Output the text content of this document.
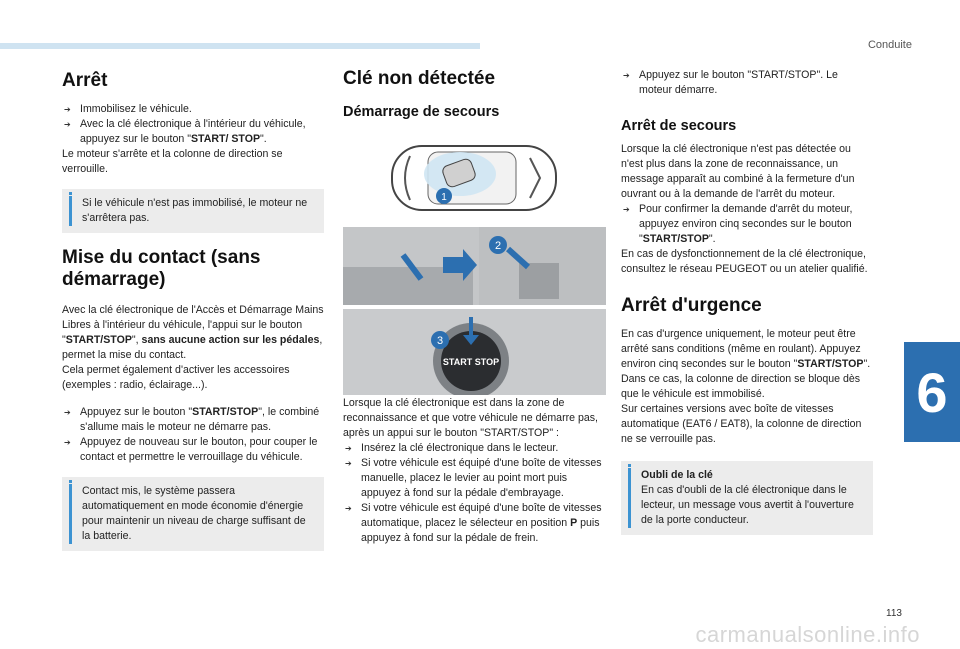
Conduite
6
Arrêt
➔ Immobilisez le véhicule.
➔ Avec la clé électronique à l'intérieur du véhicule, appuyez sur le bouton "START/ STOP".

Le moteur s'arrête et la colonne de direction se verrouille.

Si le véhicule n'est pas immobilisé, le moteur ne s'arrêtera pas.
Mise du contact (sans démarrage)

Avec la clé électronique de l'Accès et Démarrage Mains Libres à l'intérieur du véhicule, l'appui sur le bouton "START/STOP", sans aucune action sur les pédales, permet la mise du contact.

Cela permet également d'activer les accessoires (exemples : radio, éclairage...).

➔ Appuyez sur le bouton "START/STOP", le combiné s'allume mais le moteur ne démarre pas.
➔ Appuyez de nouveau sur le bouton, pour couper le contact et permettre le verrouillage du véhicule.
Contact mis, le système passera automatiquement en mode économie d'énergie pour maintenir un niveau de charge suffisant de la batterie.
Clé non détectée
Démarrage de secours
1
2
3
START STOP

Lorsque la clé électronique est dans la zone de reconnaissance et que votre véhicule ne démarre pas, après un appui sur le bouton "START/STOP" :

➔ Insérez la clé électronique dans le lecteur.
➔ Si votre véhicule est équipé d'une boîte de vitesses manuelle, placez le levier au point mort puis appuyez à fond sur la pédale d'embrayage.
➔ Si votre véhicule est équipé d'une boîte de vitesses automatique, placez le sélecteur en position P puis appuyez à fond sur la pédale de frein.
➔ Appuyez sur le bouton "START/STOP". Le moteur démarre.
Arrêt de secours

Lorsque la clé électronique n'est pas détectée ou n'est plus dans la zone de reconnaissance, un message apparaît au combiné à la fermeture d'un ouvrant ou à la demande de l'arrêt du moteur.

➔ Pour confirmer la demande d'arrêt du moteur, appuyez environ cinq secondes sur le bouton "START/STOP".

En cas de dysfonctionnement de la clé électronique, consultez le réseau PEUGEOT ou un atelier qualifié.

Arrêt d'urgence

En cas d'urgence uniquement, le moteur peut être arrêté sans conditions (même en roulant). Appuyez environ cinq secondes sur le bouton "START/STOP".

Dans ce cas, la colonne de direction se bloque dès que le véhicule est immobilisé.

Sur certaines versions avec boîte de vitesses automatique (EAT6 / EAT8), la colonne de direction ne se verrouille pas.

Oubli de la clé
En cas d'oubli de la clé électronique dans le lecteur, un message vous avertit à l'ouverture de la porte conducteur.
113
carmanualsonline.info
